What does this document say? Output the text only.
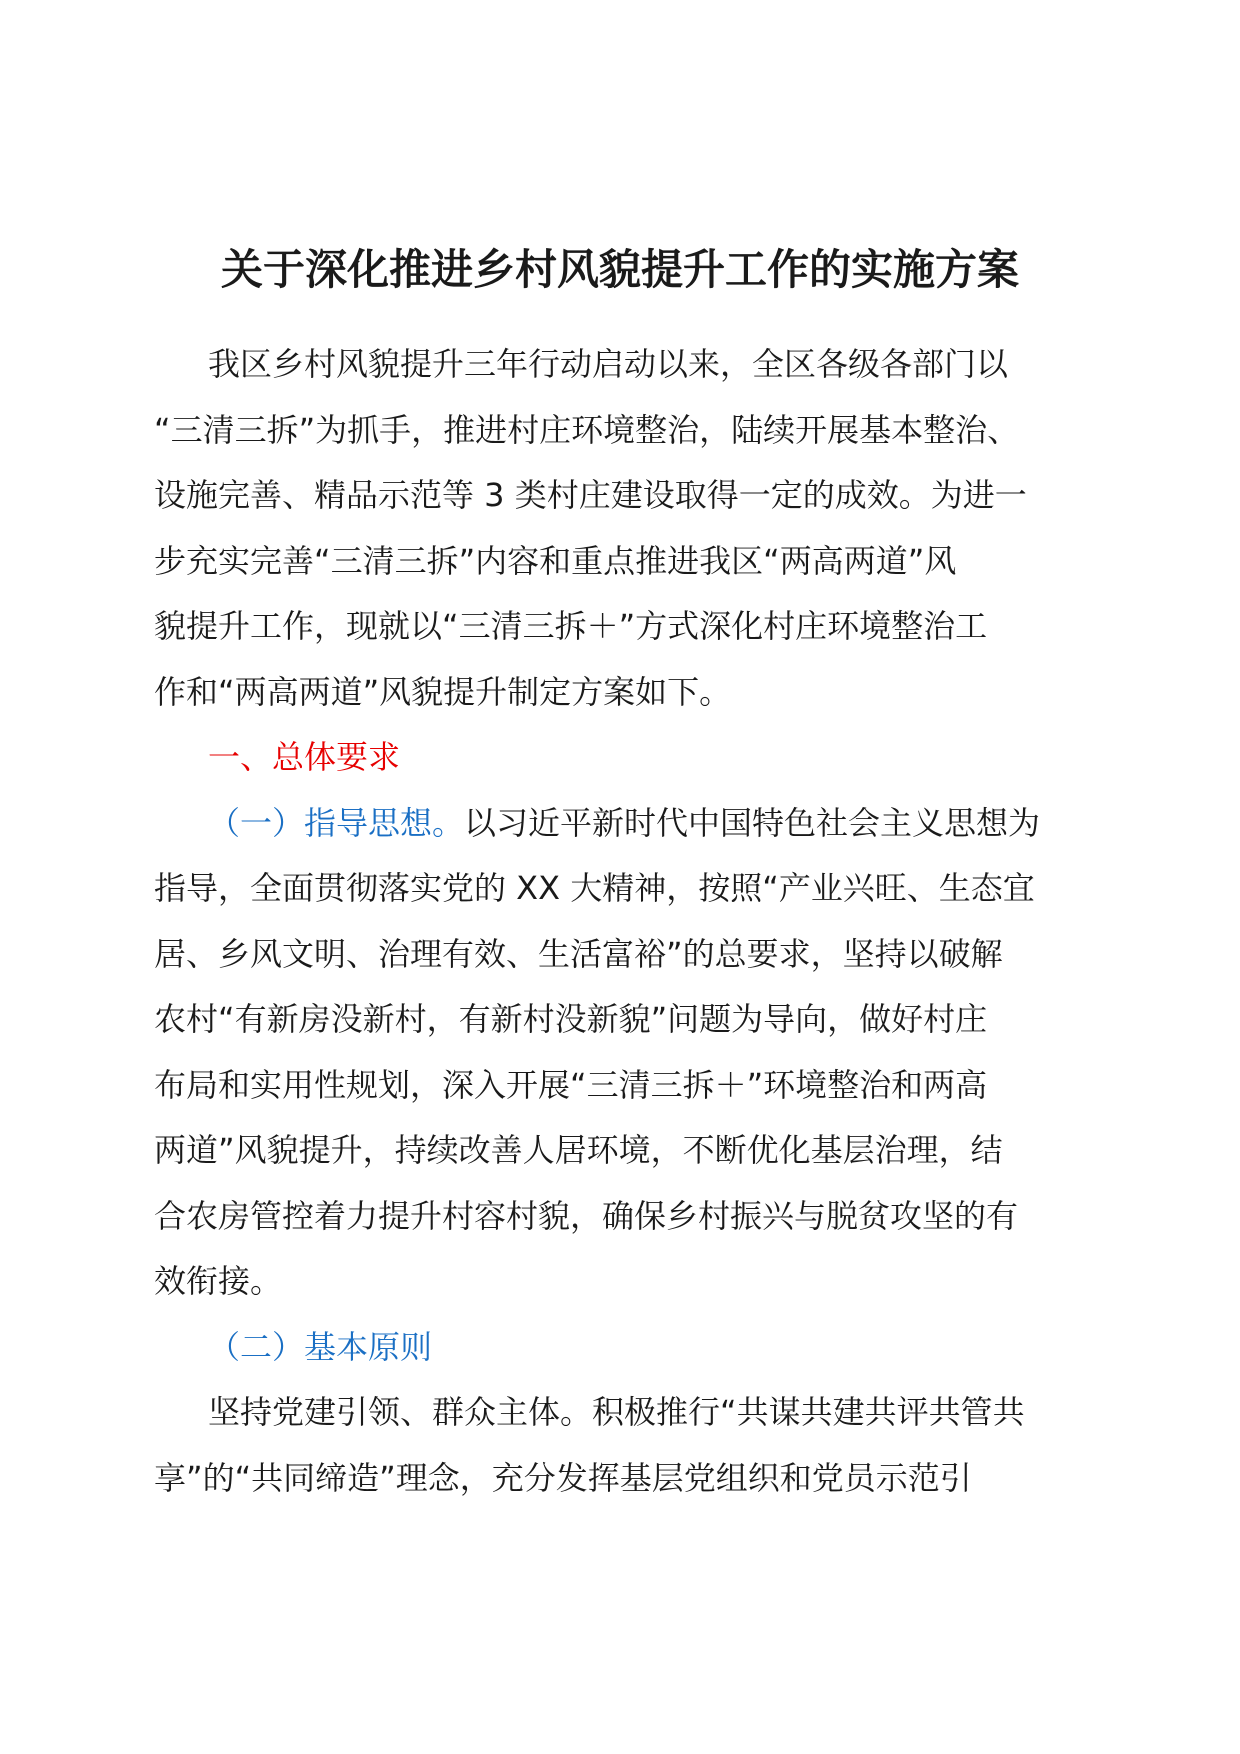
关于深化推进乡村风貌提升工作的实施方案
我区乡村风貌提升三年行动启动以来，全区各级各部门以
“三清三拆”为抓手，推进村庄环境整治，陆续开展基本整治、
设施完善、精品示范等 3 类村庄建设取得一定的成效。为进一
步充实完善“三清三拆”内容和重点推进我区“两高两道”风
貌提升工作，现就以“三清三拆＋”方式深化村庄环境整治工
作和“两高两道”风貌提升制定方案如下。
一、总体要求
（一）指导思想。以习近平新时代中国特色社会主义思想为
指导，全面贯彻落实党的 XX 大精神，按照“产业兴旺、生态宜
居、乡风文明、治理有效、生活富裕”的总要求，坚持以破解
农村“有新房没新村，有新村没新貌”问题为导向，做好村庄
布局和实用性规划，深入开展“三清三拆＋”环境整治和两高
两道”风貌提升，持续改善人居环境，不断优化基层治理，结
合农房管控着力提升村容村貌，确保乡村振兴与脱贫攻坚的有
效衔接。
（二）基本原则
坚持党建引领、群众主体。积极推行“共谋共建共评共管共
享”的“共同缔造”理念，充分发挥基层党组织和党员示范引
